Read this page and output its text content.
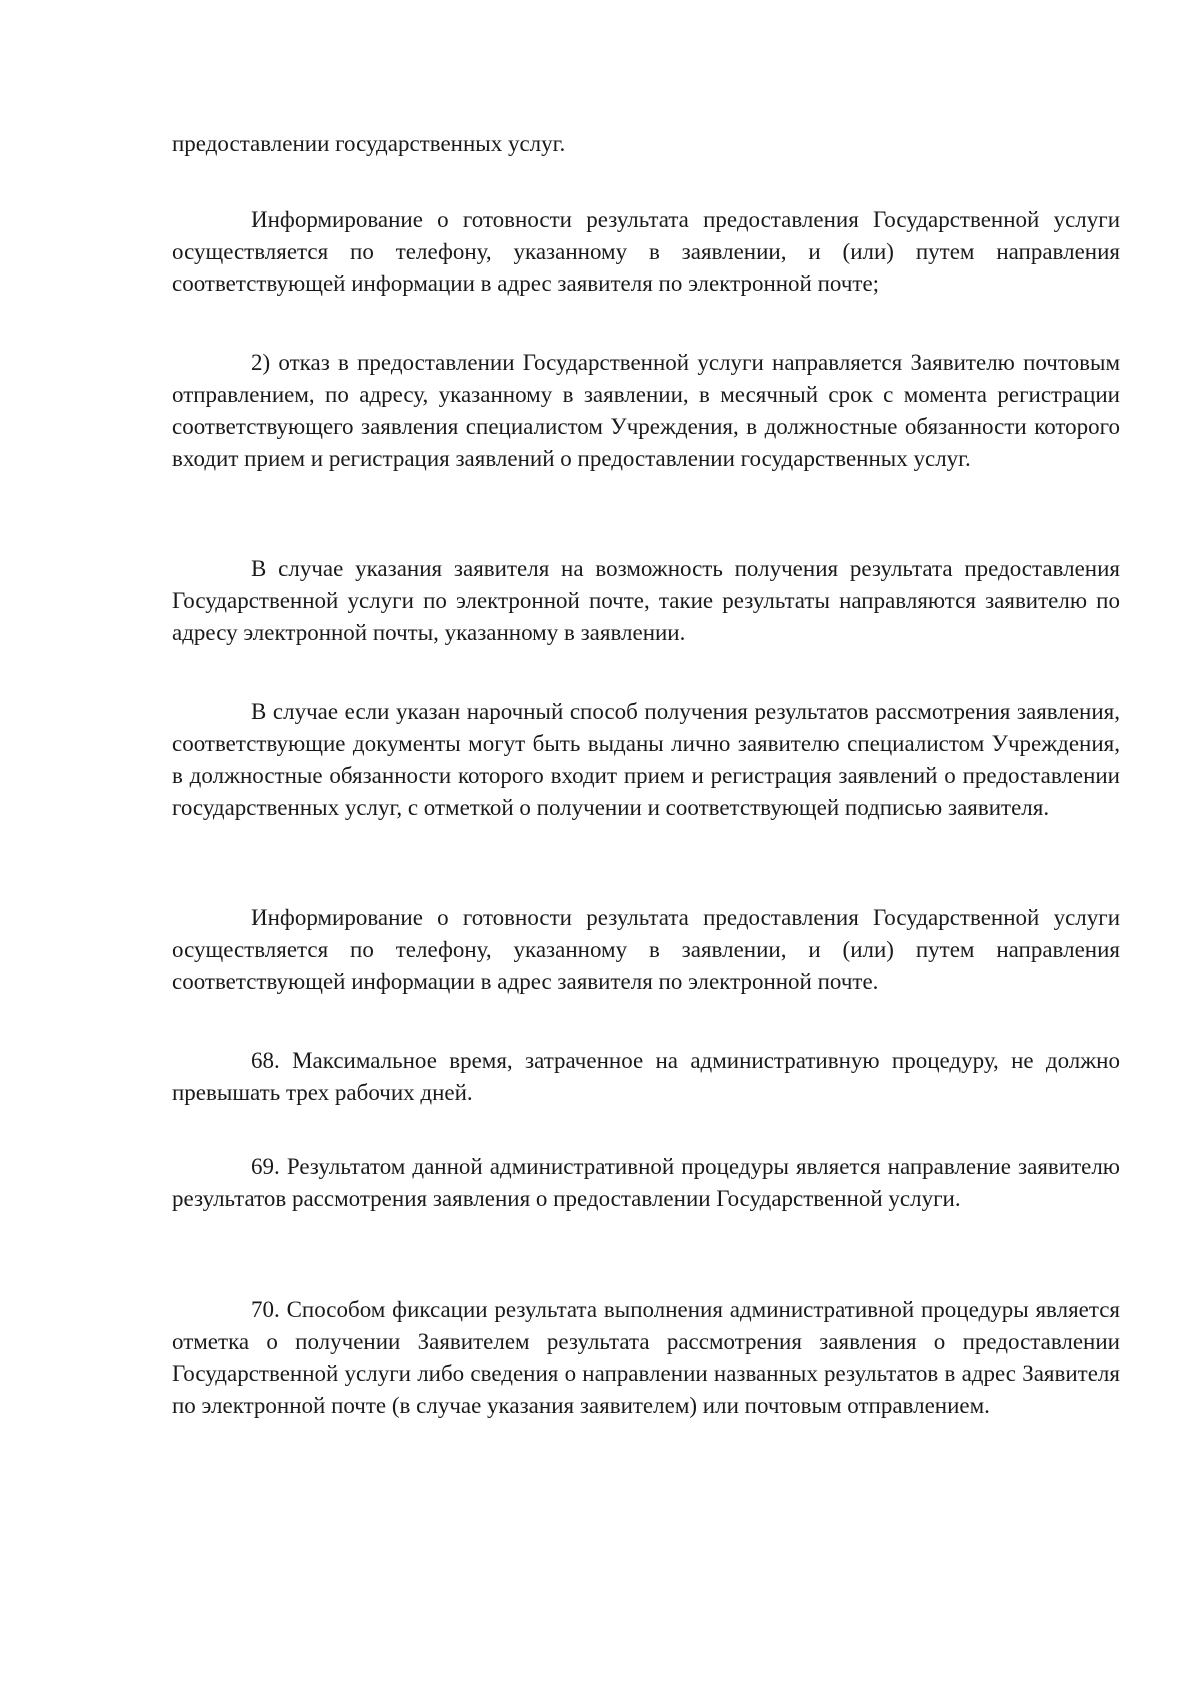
предоставлении государственных услуг.

Информирование о готовности результата предоставления Государственной услуги осуществляется по телефону, указанному в заявлении, и (или) путем направления соответствующей информации в адрес заявителя по электронной почте;

2) отказ в предоставлении Государственной услуги направляется Заявителю почтовым отправлением, по адресу, указанному в заявлении, в месячный срок с момента регистрации соответствующего заявления специалистом Учреждения, в должностные обязанности которого входит прием и регистрация заявлений о предоставлении государственных услуг.

В случае указания заявителя на возможность получения результата предоставления Государственной услуги по электронной почте, такие результаты направляются заявителю по адресу электронной почты, указанному в заявлении.

В случае если указан нарочный способ получения результатов рассмотрения заявления, соответствующие документы могут быть выданы лично заявителю специалистом Учреждения, в должностные обязанности которого входит прием и регистрация заявлений о предоставлении государственных услуг, с отметкой о получении и соответствующей подписью заявителя.

Информирование о готовности результата предоставления Государственной услуги осуществляется по телефону, указанному в заявлении, и (или) путем направления соответствующей информации в адрес заявителя по электронной почте.

68. Максимальное время, затраченное на административную процедуру, не должно превышать трех рабочих дней.

69. Результатом данной административной процедуры является направление заявителю результатов рассмотрения заявления о предоставлении Государственной услуги.

70. Способом фиксации результата выполнения административной процедуры является отметка о получении Заявителем результата рассмотрения заявления о предоставлении Государственной услуги либо сведения о направлении названных результатов в адрес Заявителя по электронной почте (в случае указания заявителем) или почтовым отправлением.
